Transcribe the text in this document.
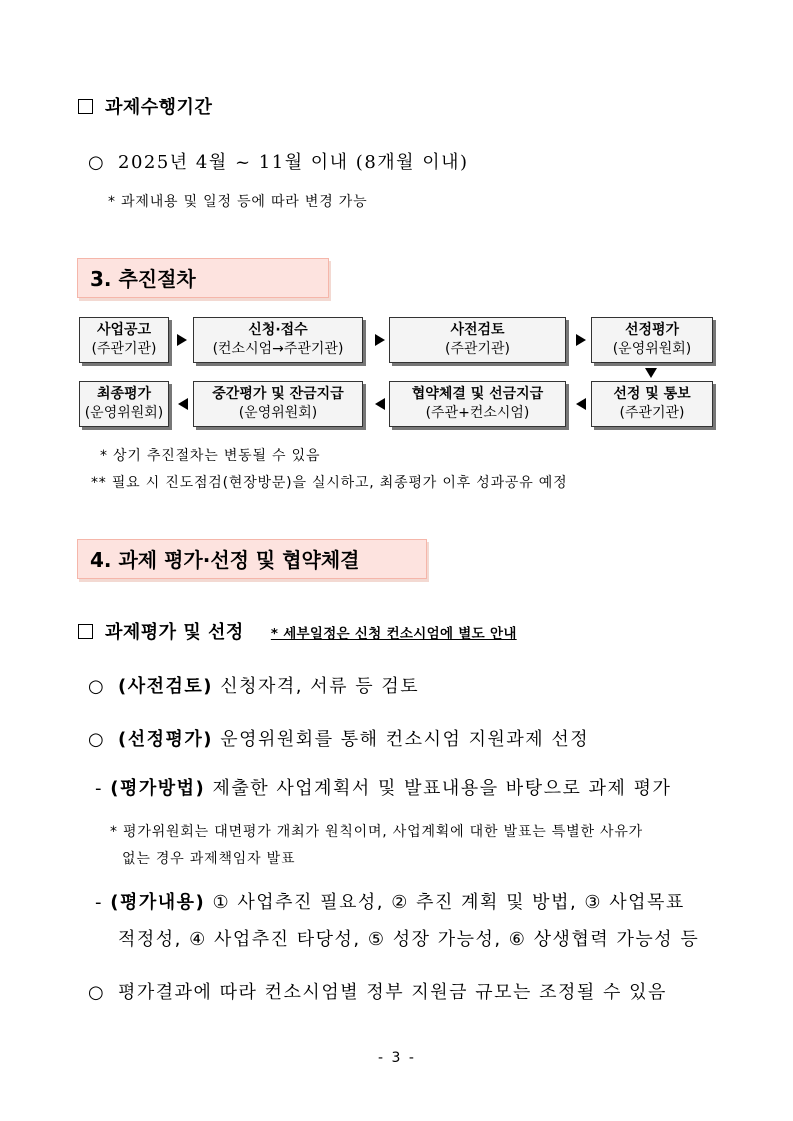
과제수행기간
○ 2025년 4월 ~ 11월 이내 (8개월 이내)
* 과제내용 및 일정 등에 따라 변경 가능
3. 추진절차
사업공고
(주관기관)
신청·접수
(컨소시엄→주관기관)
사전검토
(주관기관)
선정평가
(운영위원회)
최종평가
(운영위원회)
중간평가 및 잔금지급
(운영위원회)
협약체결 및 선금지급
(주관+컨소시엄)
선정 및 통보
(주관기관)
* 상기 추진절차는 변동될 수 있음
** 필요 시 진도점검(현장방문)을 실시하고, 최종평가 이후 성과공유 예정
4. 과제 평가·선정 및 협약체결
과제평가 및 선정 * 세부일정은 신청 컨소시엄에 별도 안내
○ (사전검토) 신청자격, 서류 등 검토
○ (선정평가) 운영위원회를 통해 컨소시엄 지원과제 선정
- (평가방법) 제출한 사업계획서 및 발표내용을 바탕으로 과제 평가
* 평가위원회는 대면평가 개최가 원칙이며, 사업계획에 대한 발표는 특별한 사유가
없는 경우 과제책임자 발표
- (평가내용) ① 사업추진 필요성, ② 추진 계획 및 방법, ③ 사업목표
적정성, ④ 사업추진 타당성, ⑤ 성장 가능성, ⑥ 상생협력 가능성 등
○ 평가결과에 따라 컨소시엄별 정부 지원금 규모는 조정될 수 있음
- 3 -
